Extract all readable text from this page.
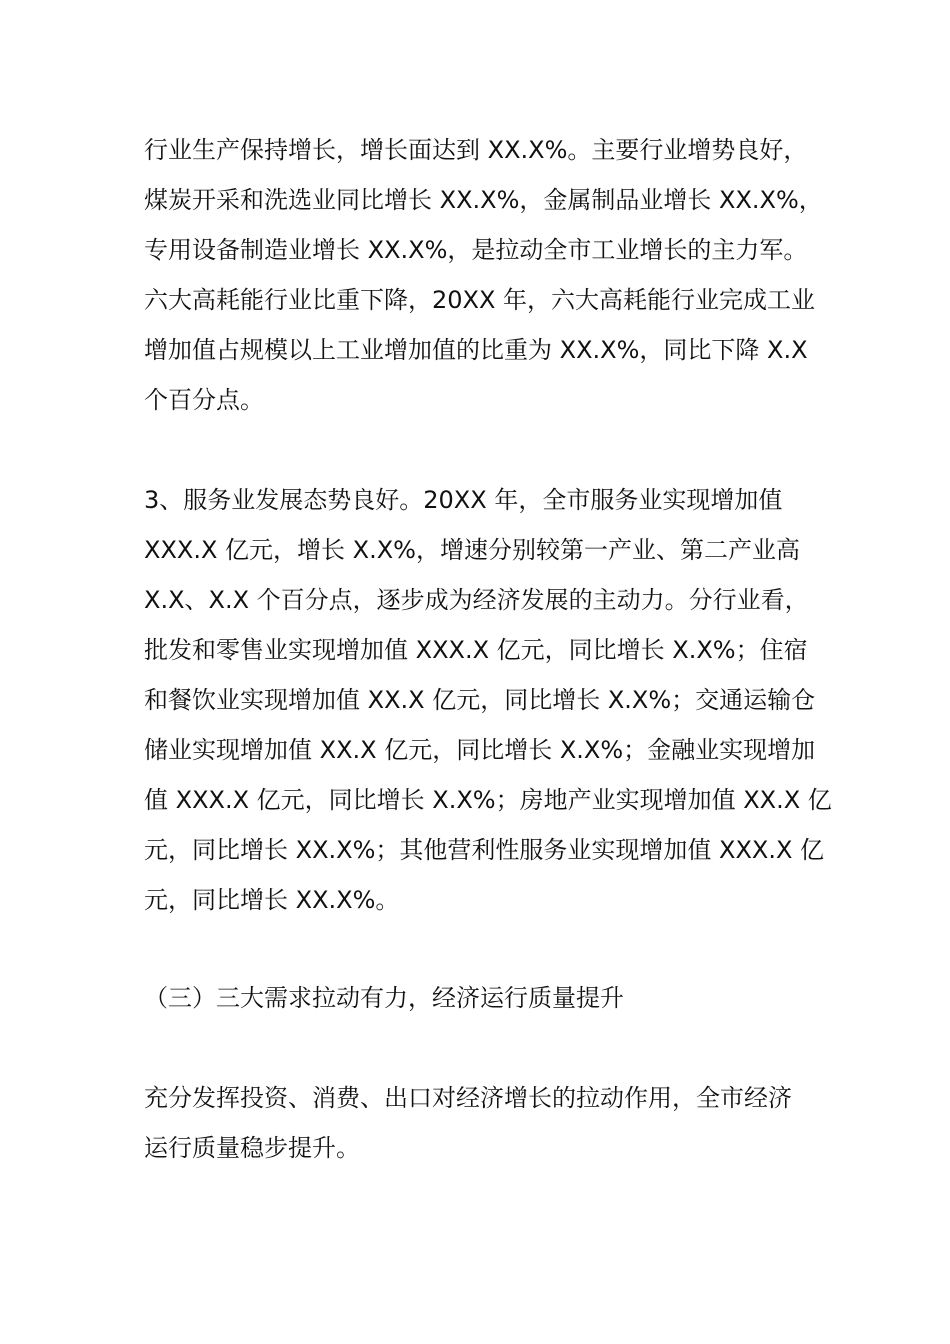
行业生产保持增长，增长面达到 XX.X%。主要行业增势良好，
煤炭开采和洗选业同比增长 XX.X%，金属制品业增长 XX.X%，
专用设备制造业增长 XX.X%，是拉动全市工业增长的主力军。
六大高耗能行业比重下降，20XX 年，六大高耗能行业完成工业
增加值占规模以上工业增加值的比重为 XX.X%，同比下降 X.X
个百分点。
3、服务业发展态势良好。20XX 年，全市服务业实现增加值
XXX.X 亿元，增长 X.X%，增速分别较第一产业、第二产业高
X.X、X.X 个百分点，逐步成为经济发展的主动力。分行业看，
批发和零售业实现增加值 XXX.X 亿元，同比增长 X.X%；住宿
和餐饮业实现增加值 XX.X 亿元，同比增长 X.X%；交通运输仓
储业实现增加值 XX.X 亿元，同比增长 X.X%；金融业实现增加
值 XXX.X 亿元，同比增长 X.X%；房地产业实现增加值 XX.X 亿
元，同比增长 XX.X%；其他营利性服务业实现增加值 XXX.X 亿
元，同比增长 XX.X%。
（三）三大需求拉动有力，经济运行质量提升
充分发挥投资、消费、出口对经济增长的拉动作用，全市经济
运行质量稳步提升。
